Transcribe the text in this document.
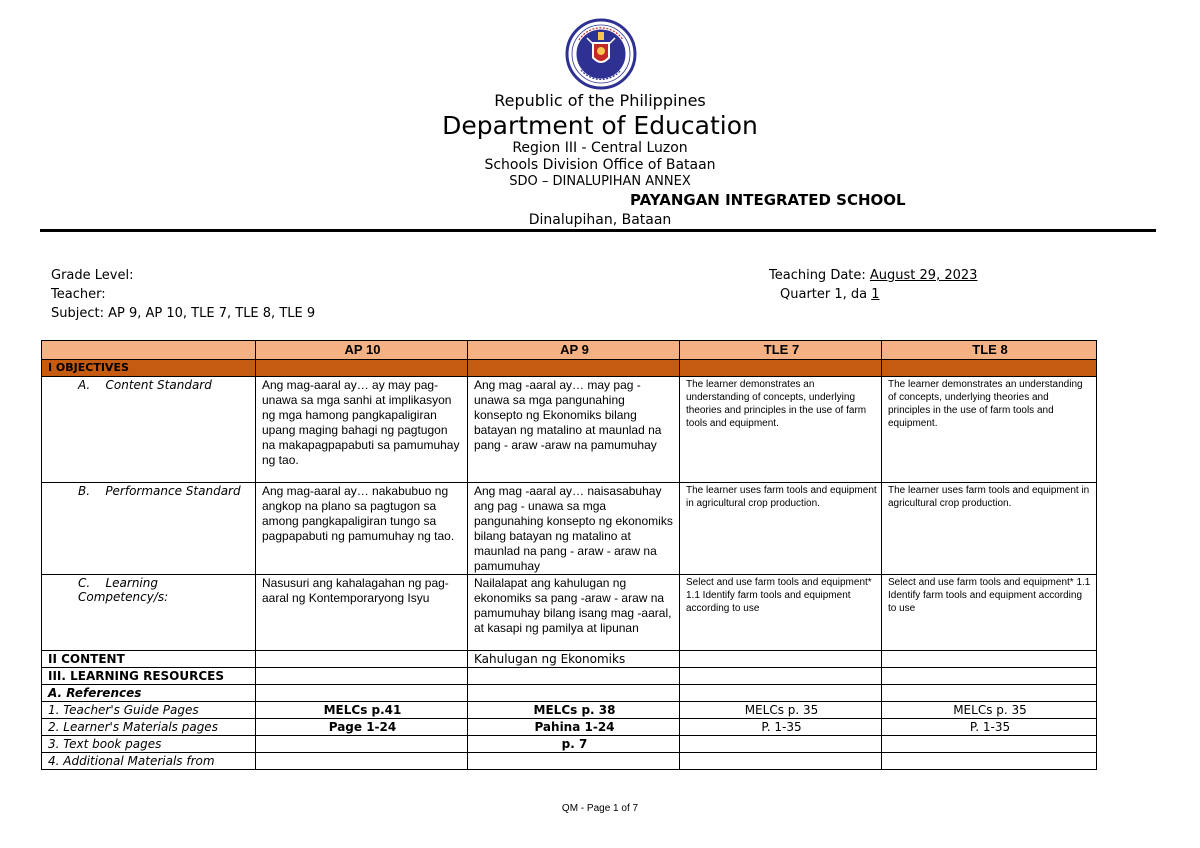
Republic of the Philippines
Department of Education
Region III - Central Luzon
Schools Division Office of Bataan
SDO – DINALUPIHAN ANNEX
PAYANGAN INTEGRATED SCHOOL
Dinalupihan, Bataan
Grade Level:
Teacher:
Subject: AP 9, AP 10, TLE 7, TLE 8, TLE 9
Teaching Date: August 29, 2023
Quarter 1, da 1
	AP 10	AP 9	TLE 7	TLE 8
I OBJECTIVES				
A. Content Standard	Ang mag-aaral ay… ay may pag-unawa sa mga sanhi at implikasyon ng mga hamong pangkapaligiran upang maging bahagi ng pagtugon na makapagpapabuti sa pamumuhay ng tao.	Ang mag -aaral ay… may pag -unawa sa mga pangunahing konsepto ng Ekonomiks bilang batayan ng matalino at maunlad na pang - araw -araw na pamumuhay	The learner demonstrates an understanding of concepts, underlying theories and principles in the use of farm tools and equipment.	The learner demonstrates an understanding of concepts, underlying theories and principles in the use of farm tools and equipment.
B. Performance Standard	Ang mag-aaral ay… nakabubuo ng angkop na plano sa pagtugon sa among pangkapaligiran tungo sa pagpapabuti ng pamumuhay ng tao.	Ang mag -aaral ay… naisasabuhay ang pag - unawa sa mga pangunahing konsepto ng ekonomiks bilang batayan ng matalino at maunlad na pang - araw - araw na pamumuhay	The learner uses farm tools and equipment in agricultural crop production.	The learner uses farm tools and equipment in agricultural crop production.
C. Learning Competency/s:	Nasusuri ang kahalagahan ng pag-aaral ng Kontemporaryong Isyu	Nailalapat ang kahulugan ng ekonomiks sa pang -araw - araw na pamumuhay bilang isang mag -aaral, at kasapi ng pamilya at lipunan	Select and use farm tools and equipment* 1.1 Identify farm tools and equipment according to use	Select and use farm tools and equipment* 1.1 Identify farm tools and equipment according to use
II CONTENT		Kahulugan ng Ekonomiks		
III. LEARNING RESOURCES				
A. References				
1. Teacher's Guide Pages	MELCs p.41	MELCs p. 38	MELCs p. 35	MELCs p. 35
2. Learner's Materials pages	Page 1-24	Pahina 1-24	P. 1-35	P. 1-35
3. Text book pages		p. 7		
4. Additional Materials from				
QM - Page 1 of 7
